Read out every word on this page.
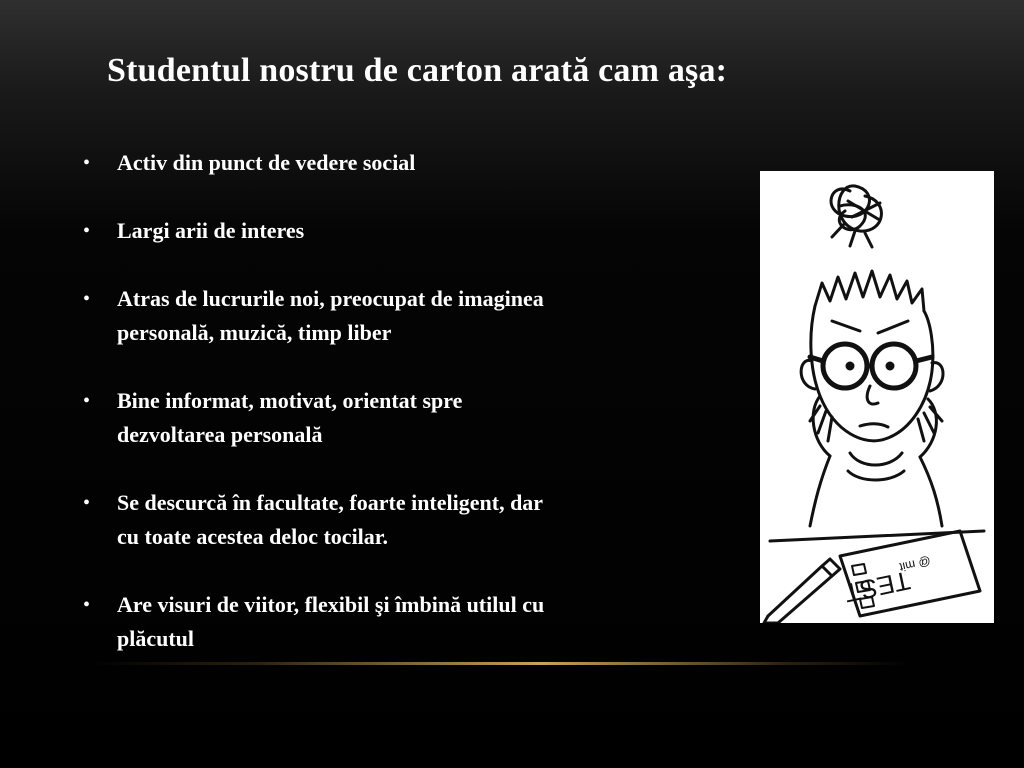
Studentul nostru de carton arată cam aşa:
• Activ din punct de vedere social
• Largi arii de interes
• Atras de lucrurile noi, preocupat de imaginea
personală, muzică, timp liber
• Bine informat, motivat, orientat spre
dezvoltarea personală
• Se descurcă în facultate, foarte inteligent, dar
cu toate acestea deloc tocilar.
• Are visuri de viitor, flexibil şi îmbină utilul cu
plăcutul
TEST
@ mit
